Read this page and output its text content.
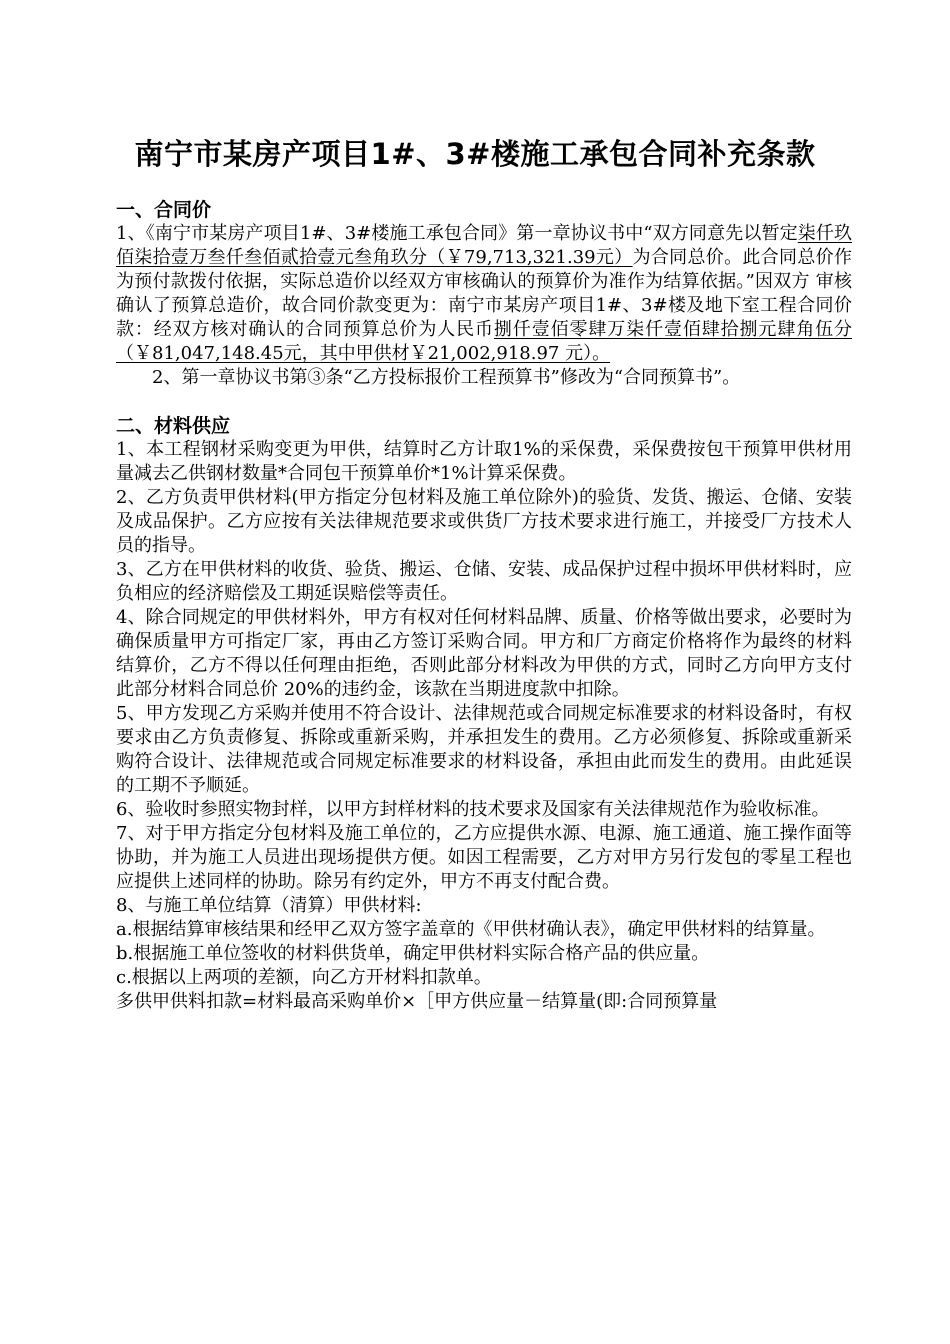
南宁市某房产项目1#、3#楼施工承包合同补充条款
一、合同价

1、《南宁市某房产项目1#、3#楼施工承包合同》第一章协议书中“双方同意先以暂定柒仟玖佰柒拾壹万叁仟叁佰贰拾壹元叁角玖分（￥79,713,321.39元）为合同总价。此合同总价作为预付款拨付依据，实际总造价以经双方审核确认的预算价为准作为结算依据。”因双方 审核确认了预算总造价，故合同价款变更为：南宁市某房产项目1#、3#楼及地下室工程合同价款：经双方核对确认的合同预算总价为人民币捌仟壹佰零肆万柒仟壹佰肆拾捌元肆角伍分（￥81,047,148.45元，其中甲供材￥21,002,918.97 元）。

2、第一章协议书第③条“乙方投标报价工程预算书”修改为“合同预算书”。

二、材料供应

1、本工程钢材采购变更为甲供，结算时乙方计取1%的采保费，采保费按包干预算甲供材用量减去乙供钢材数量*合同包干预算单价*1%计算采保费。

2、乙方负责甲供材料(甲方指定分包材料及施工单位除外)的验货、发货、搬运、仓储、安装及成品保护。乙方应按有关法律规范要求或供货厂方技术要求进行施工，并接受厂方技术人员的指导。

3、乙方在甲供材料的收货、验货、搬运、仓储、安装、成品保护过程中损坏甲供材料时，应负相应的经济赔偿及工期延误赔偿等责任。

4、除合同规定的甲供材料外，甲方有权对任何材料品牌、质量、价格等做出要求，必要时为确保质量甲方可指定厂家，再由乙方签订采购合同。甲方和厂方商定价格将作为最终的材料结算价，乙方不得以任何理由拒绝，否则此部分材料改为甲供的方式，同时乙方向甲方支付此部分材料合同总价 20%的违约金，该款在当期进度款中扣除。

5、甲方发现乙方采购并使用不符合设计、法律规范或合同规定标准要求的材料设备时，有权要求由乙方负责修复、拆除或重新采购，并承担发生的费用。乙方必须修复、拆除或重新采购符合设计、法律规范或合同规定标准要求的材料设备，承担由此而发生的费用。由此延误的工期不予顺延。

6、验收时参照实物封样，以甲方封样材料的技术要求及国家有关法律规范作为验收标准。

7、对于甲方指定分包材料及施工单位的，乙方应提供水源、电源、施工通道、施工操作面等协助，并为施工人员进出现场提供方便。如因工程需要，乙方对甲方另行发包的零星工程也应提供上述同样的协助。除另有约定外，甲方不再支付配合费。

8、与施工单位结算（清算）甲供材料:

a.根据结算审核结果和经甲乙双方签字盖章的《甲供材确认表》，确定甲供材料的结算量。

b.根据施工单位签收的材料供货单，确定甲供材料实际合格产品的供应量。

c.根据以上两项的差额，向乙方开材料扣款单。

多供甲供料扣款=材料最高采购单价×［甲方供应量－结算量(即:合同预算量
